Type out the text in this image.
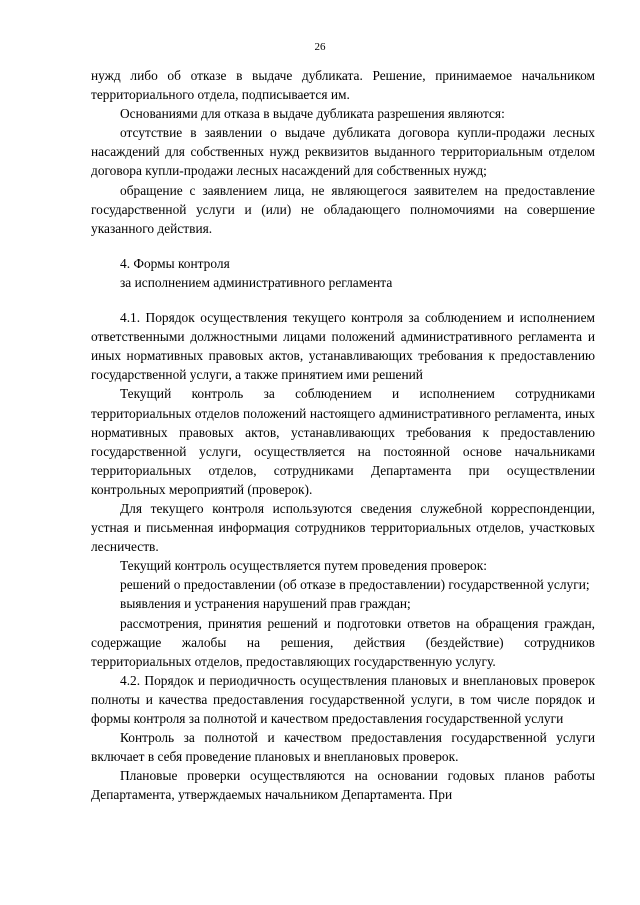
26

нужд либо об отказе в выдаче дубликата. Решение, принимаемое начальником территориального отдела, подписывается им.

Основаниями для отказа в выдаче дубликата разрешения являются:

отсутствие в заявлении о выдаче дубликата договора купли-продажи лесных насаждений для собственных нужд реквизитов выданного территориальным отделом договора купли-продажи лесных насаждений для собственных нужд;

обращение с заявлением лица, не являющегося заявителем на предоставление государственной услуги и (или) не обладающего полномочиями на совершение указанного действия.

4. Формы контроля

за исполнением административного регламента

4.1. Порядок осуществления текущего контроля за соблюдением и исполнением ответственными должностными лицами положений административного регламента и иных нормативных правовых актов, устанавливающих требования к предоставлению государственной услуги, а также принятием ими решений

Текущий контроль за соблюдением и исполнением сотрудниками территориальных отделов положений настоящего административного регламента, иных нормативных правовых актов, устанавливающих требования к предоставлению государственной услуги, осуществляется на постоянной основе начальниками территориальных отделов, сотрудниками Департамента при осуществлении контрольных мероприятий (проверок).

Для текущего контроля используются сведения служебной корреспонденции, устная и письменная информация сотрудников территориальных отделов, участковых лесничеств.

Текущий контроль осуществляется путем проведения проверок:

решений о предоставлении (об отказе в предоставлении) государственной услуги;

выявления и устранения нарушений прав граждан;

рассмотрения, принятия решений и подготовки ответов на обращения граждан, содержащие жалобы на решения, действия (бездействие) сотрудников территориальных отделов, предоставляющих государственную услугу.

4.2. Порядок и периодичность осуществления плановых и внеплановых проверок полноты и качества предоставления государственной услуги, в том числе порядок и формы контроля за полнотой и качеством предоставления государственной услуги

Контроль за полнотой и качеством предоставления государственной услуги включает в себя проведение плановых и внеплановых проверок.

Плановые проверки осуществляются на основании годовых планов работы Департамента, утверждаемых начальником Департамента. При
